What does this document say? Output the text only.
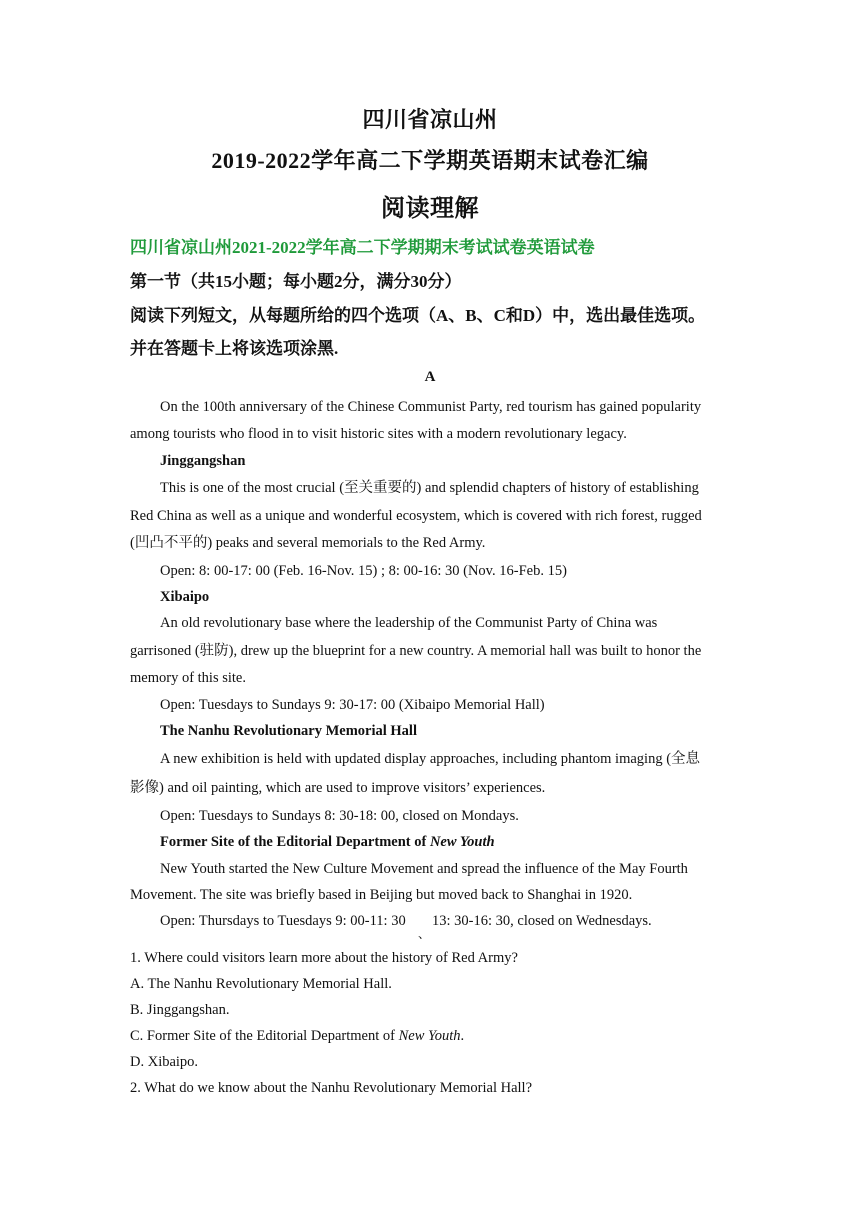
四川省凉山州
2019-2022学年高二下学期英语期末试卷汇编
阅读理解
四川省凉山州2021-2022学年高二下学期期末考试试卷英语试卷
第一节（共15小题；每小题2分，满分30分）
阅读下列短文，从每题所给的四个选项（A、B、C和D）中，选出最佳选项。
并在答题卡上将该选项涂黑.
A
On the 100th anniversary of the Chinese Communist Party, red tourism has gained popularity
among tourists who flood in to visit historic sites with a modern revolutionary legacy.
Jinggangshan
This is one of the most crucial (至关重要的) and splendid chapters of history of establishing
Red China as well as a unique and wonderful ecosystem, which is covered with rich forest, rugged
(凹凸不平的) peaks and several memorials to the Red Army.
Open: 8: 00-17: 00 (Feb. 16-Nov. 15) ; 8: 00-16: 30 (Nov. 16-Feb. 15)
Xibaipo
An old revolutionary base where the leadership of the Communist Party of China was
garrisoned (驻防), drew up the blueprint for a new country. A memorial hall was built to honor the
memory of this site.
Open: Tuesdays to Sundays 9: 30-17: 00 (Xibaipo Memorial Hall)
The Nanhu Revolutionary Memorial Hall
A new exhibition is held with updated display approaches, including phantom imaging (全息
影像) and oil painting, which are used to improve visitors’ experiences.
Open: Tuesdays to Sundays 8: 30-18: 00, closed on Mondays.
Former Site of the Editorial Department of New Youth
New Youth started the New Culture Movement and spread the influence of the May Fourth
Movement. The site was briefly based in Beijing but moved back to Shanghai in 1920.
Open: Thursdays to Tuesdays 9: 00-11: 30
、
13: 30-16: 30, closed on Wednesdays.
1. Where could visitors learn more about the history of Red Army?
A. The Nanhu Revolutionary Memorial Hall.
B. Jinggangshan.
C. Former Site of the Editorial Department of New Youth.
D. Xibaipo.
2. What do we know about the Nanhu Revolutionary Memorial Hall?
